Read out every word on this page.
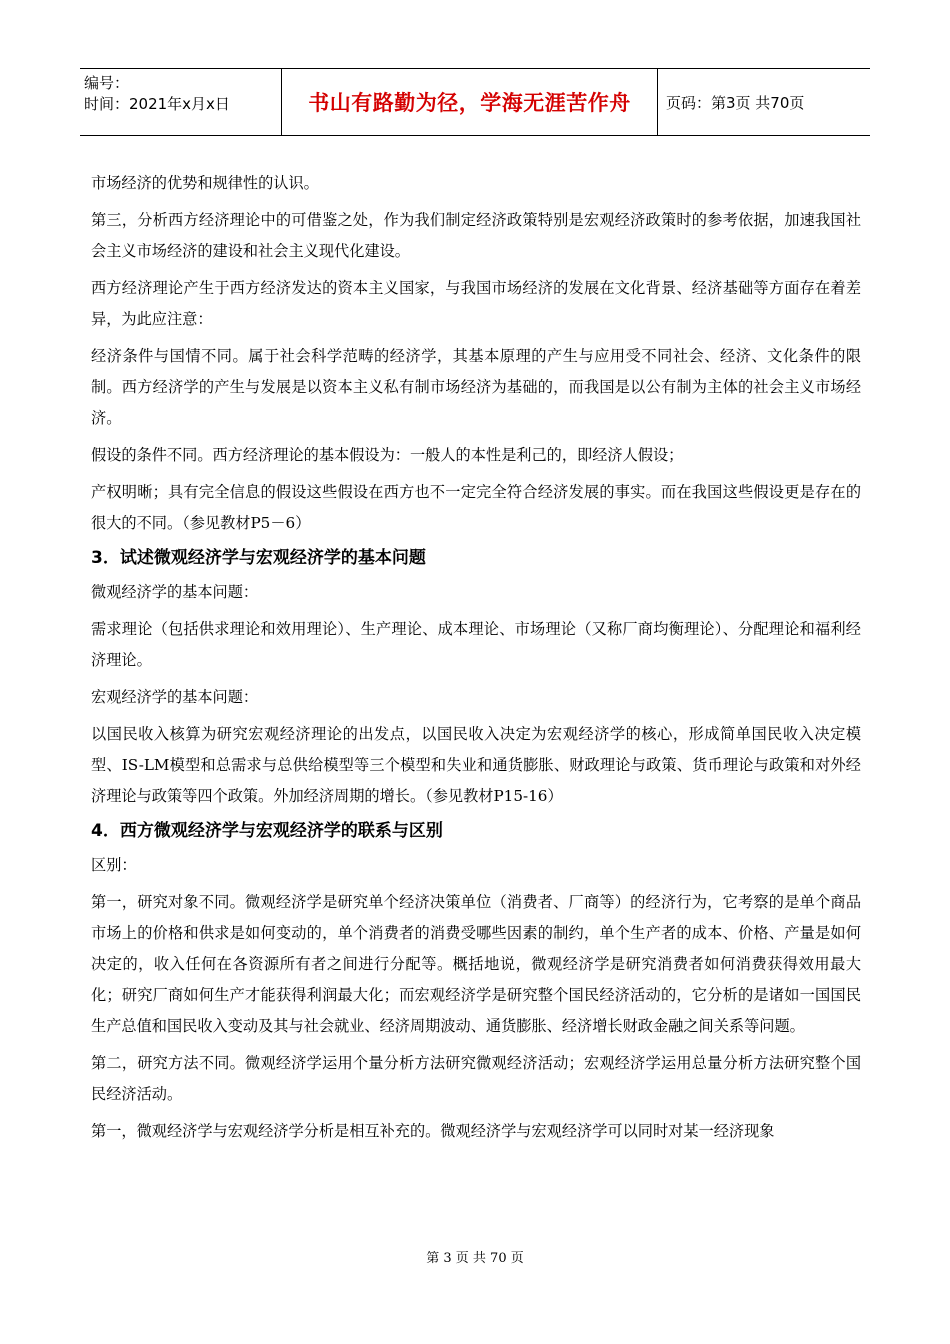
编号：
时间：2021年x月x日	书山有路勤为径，学海无涯苦作舟	页码：第3页 共70页
市场经济的优势和规律性的认识。
第三，分析西方经济理论中的可借鉴之处，作为我们制定经济政策特别是宏观经济政策时的参考依据，加速我国社会主义市场经济的建设和社会主义现代化建设。
西方经济理论产生于西方经济发达的资本主义国家，与我国市场经济的发展在文化背景、经济基础等方面存在着差异，为此应注意：
经济条件与国情不同。属于社会科学范畴的经济学，其基本原理的产生与应用受不同社会、经济、文化条件的限制。西方经济学的产生与发展是以资本主义私有制市场经济为基础的，而我国是以公有制为主体的社会主义市场经济。
假设的条件不同。西方经济理论的基本假设为：一般人的本性是利己的，即经济人假设；
产权明晰；具有完全信息的假设这些假设在西方也不一定完全符合经济发展的事实。而在我国这些假设更是存在的很大的不同。（参见教材P5－6）
3．试述微观经济学与宏观经济学的基本问题
微观经济学的基本问题：
需求理论（包括供求理论和效用理论）、生产理论、成本理论、市场理论（又称厂商均衡理论）、分配理论和福利经济理论。
宏观经济学的基本问题：
以国民收入核算为研究宏观经济理论的出发点，以国民收入决定为宏观经济学的核心，形成简单国民收入决定模型、IS-LM模型和总需求与总供给模型等三个模型和失业和通货膨胀、财政理论与政策、货币理论与政策和对外经济理论与政策等四个政策。外加经济周期的增长。（参见教材P15-16）
4．西方微观经济学与宏观经济学的联系与区别
区别：
第一，研究对象不同。微观经济学是研究单个经济决策单位（消费者、厂商等）的经济行为，它考察的是单个商品市场上的价格和供求是如何变动的，单个消费者的消费受哪些因素的制约，单个生产者的成本、价格、产量是如何决定的，收入任何在各资源所有者之间进行分配等。概括地说，微观经济学是研究消费者如何消费获得效用最大化；研究厂商如何生产才能获得利润最大化；而宏观经济学是研究整个国民经济活动的，它分析的是诸如一国国民生产总值和国民收入变动及其与社会就业、经济周期波动、通货膨胀、经济增长财政金融之间关系等问题。
第二，研究方法不同。微观经济学运用个量分析方法研究微观经济活动；宏观经济学运用总量分析方法研究整个国民经济活动。
第一，微观经济学与宏观经济学分析是相互补充的。微观经济学与宏观经济学可以同时对某一经济现象
第 3 页 共 70 页
